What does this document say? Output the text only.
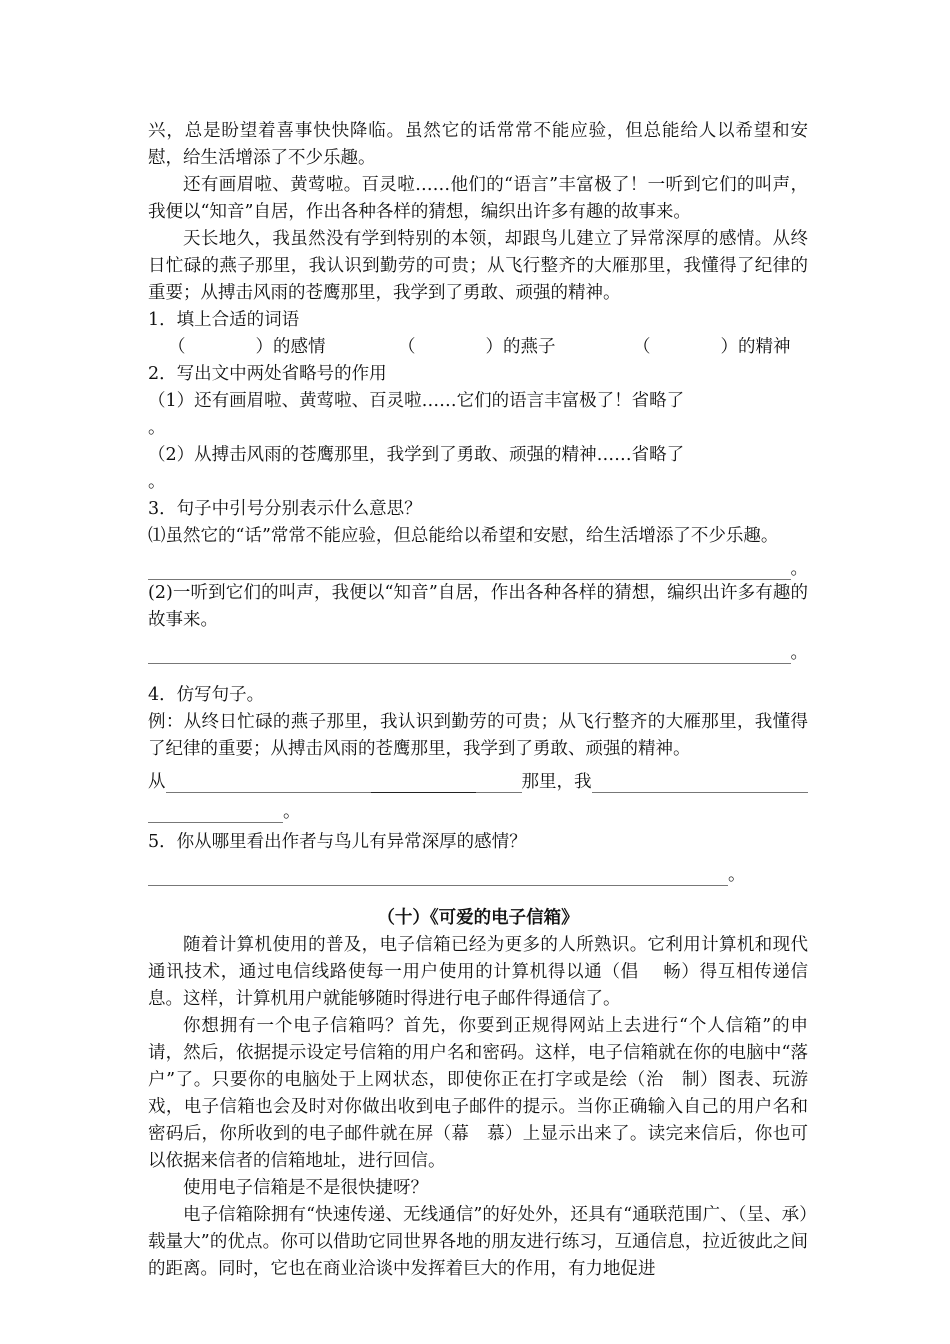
兴，总是盼望着喜事快快降临。虽然它的话常常不能应验，但总能给人以希望和安慰，给生活增添了不少乐趣。

还有画眉啦、黄莺啦。百灵啦……他们的“语言”丰富极了！一听到它们的叫声，我便以“知音”自居，作出各种各样的猜想，编织出许多有趣的故事来。

天长地久，我虽然没有学到特别的本领，却跟鸟儿建立了异常深厚的感情。从终日忙碌的燕子那里，我认识到勤劳的可贵；从飞行整齐的大雁那里，我懂得了纪律的重要；从搏击风雨的苍鹰那里，我学到了勇敢、顽强的精神。

1．填上合适的词语

（　　　　）的感情	（　　　　）的燕子	（　　　　）的精神

2．写出文中两处省略号的作用

（1）还有画眉啦、黄莺啦、百灵啦……它们的语言丰富极了！省略了

。

（2）从搏击风雨的苍鹰那里，我学到了勇敢、顽强的精神……省略了

。

3．句子中引号分别表示什么意思？

⑴虽然它的“话”常常不能应验，但总能给以希望和安慰，给生活增添了不少乐趣。

。

(2)一听到它们的叫声，我便以“知音”自居，作出各种各样的猜想，编织出许多有趣的故事来。

。

4．仿写句子。

例：从终日忙碌的燕子那里，我认识到勤劳的可贵；从飞行整齐的大雁那里，我懂得了纪律的重要；从搏击风雨的苍鹰那里，我学到了勇敢、顽强的精神。

从	那里，我
。

5．你从哪里看出作者与鸟儿有异常深厚的感情？

。
（十）《可爱的电子信箱》

随着计算机使用的普及，电子信箱已经为更多的人所熟识。它利用计算机和现代通讯技术，通过电信线路使每一用户使用的计算机得以通（倡　 畅）得互相传递信息。这样，计算机用户就能够随时得进行电子邮件得通信了。

你想拥有一个电子信箱吗？首先，你要到正规得网站上去进行“个人信箱”的申请，然后，依据提示设定号信箱的用户名和密码。这样，电子信箱就在你的电脑中“落户”了。只要你的电脑处于上网状态，即使你正在打字或是绘（治　制）图表、玩游戏，电子信箱也会及时对你做出收到电子邮件的提示。当你正确输入自己的用户名和密码后，你所收到的电子邮件就在屏（幕　慕）上显示出来了。读完来信后，你也可以依据来信者的信箱地址，进行回信。

使用电子信箱是不是很快捷呀？

电子信箱除拥有“快速传递、无线通信”的好处外，还具有“通联范围广、（呈、承）载量大”的优点。你可以借助它同世界各地的朋友进行练习，互通信息，拉近彼此之间的距离。同时，它也在商业洽谈中发挥着巨大的作用，有力地促进
